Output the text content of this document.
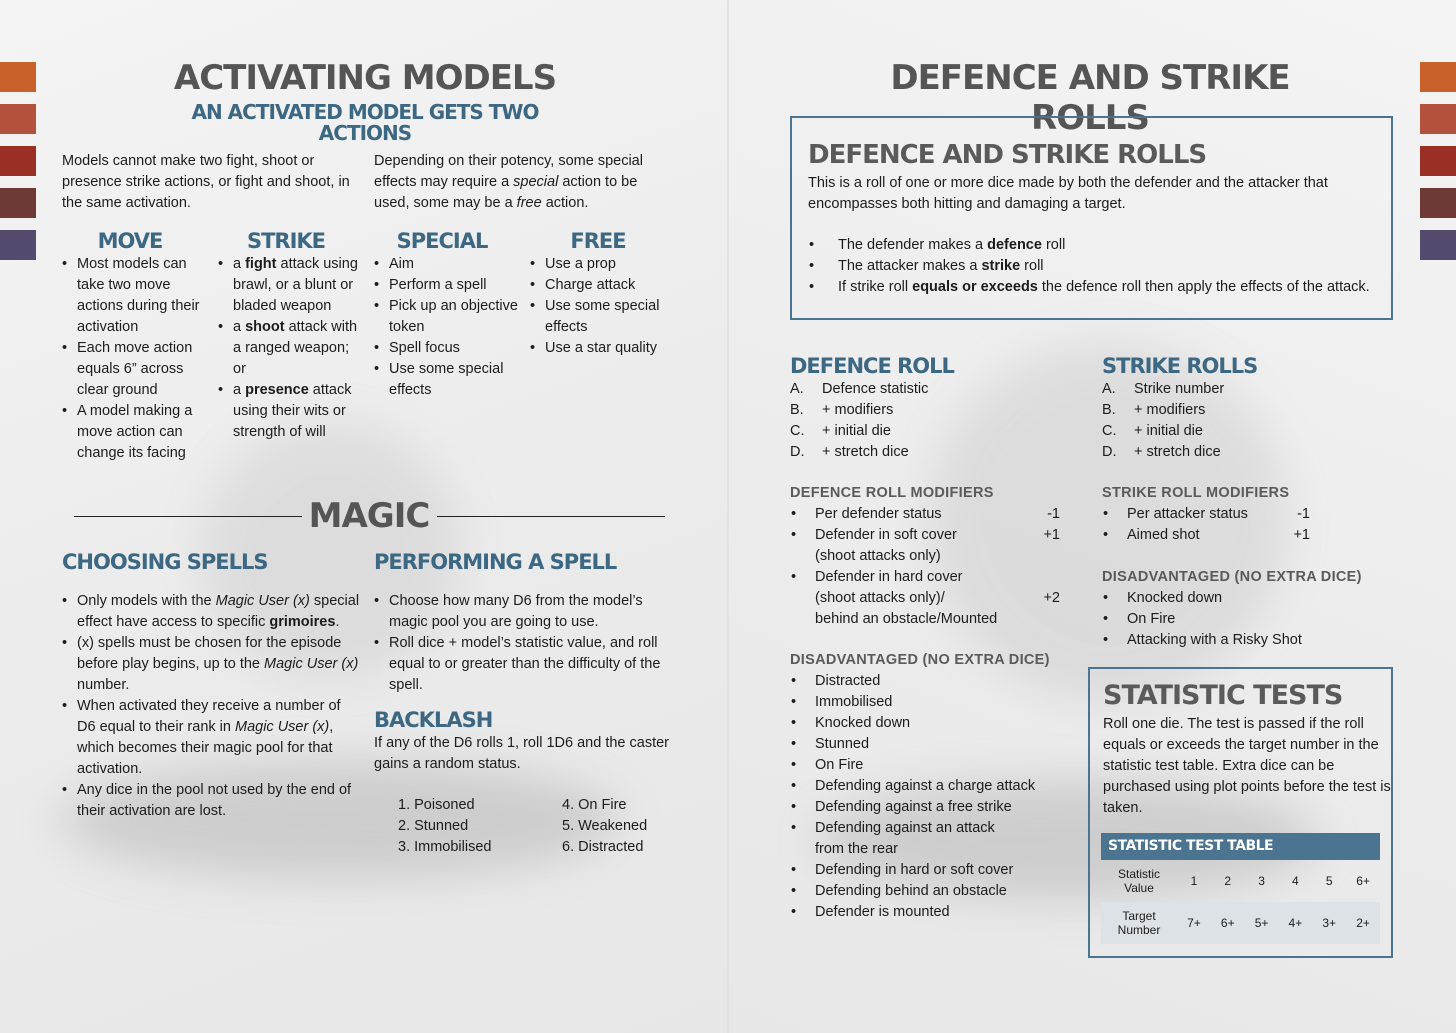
ACTIVATING MODELS
AN ACTIVATED MODEL GETS TWO ACTIONS
Models cannot make two fight, shoot or presence strike actions, or fight and shoot, in the same activation.
Depending on their potency, some special effects may require a special action to be used, some may be a free action.
MOVE
• Most models can take two move actions during their activation
• Each move action equals 6” across clear ground
• A model making a move action can change its facing
STRIKE
• a fight attack using brawl, or a blunt or bladed weapon
• a shoot attack with a ranged weapon; or
• a presence attack using their wits or strength of will
SPECIAL
• Aim
• Perform a spell
• Pick up an objective token
• Spell focus
• Use some special effects
FREE
• Use a prop
• Charge attack
• Use some special effects
• Use a star quality
MAGIC
CHOOSING SPELLS
• Only models with the Magic User (x) special effect have access to specific grimoires.
• (x) spells must be chosen for the episode before play begins, up to the Magic User (x) number.
• When activated they receive a number of D6 equal to their rank in Magic User (x), which becomes their magic pool for that activation.
• Any dice in the pool not used by the end of their activation are lost.
PERFORMING A SPELL
• Choose how many D6 from the model’s magic pool you are going to use.
• Roll dice + model’s statistic value, and roll equal to or greater than the difficulty of the spell.
BACKLASH
If any of the D6 rolls 1, roll 1D6 and the caster gains a random status.
1. Poisoned
2. Stunned
3. Immobilised
4. On Fire
5. Weakened
6. Distracted
DEFENCE AND STRIKE ROLLS
DEFENCE AND STRIKE ROLLS
This is a roll of one or more dice made by both the defender and the attacker that encompasses both hitting and damaging a target.
• The defender makes a defence roll
• The attacker makes a strike roll
• If strike roll equals or exceeds the defence roll then apply the effects of the attack.
DEFENCE ROLL
A. Defence statistic
B. + modifiers
C. + initial die
D. + stretch dice
STRIKE ROLLS
A. Strike number
B. + modifiers
C. + initial die
D. + stretch dice
DEFENCE ROLL MODIFIERS
• Per defender status	-1
• Defender in soft cover	+1

(shoot attacks only)
• Defender in hard cover
(shoot attacks only)/	+2

behind an obstacle/Mounted
STRIKE ROLL MODIFIERS
• Per attacker status	-1
• Aimed shot	+1
DISADVANTAGED (NO EXTRA DICE)
• Knocked down
• On Fire
• Attacking with a Risky Shot
DISADVANTAGED (NO EXTRA DICE)
• Distracted
• Immobilised
• Knocked down
• Stunned
• On Fire
• Defending against a charge attack
• Defending against a free strike
• Defending against an attack from the rear
• Defending in hard or soft cover
• Defending behind an obstacle
• Defender is mounted
STATISTIC TESTS
Roll one die. The test is passed if the roll equals or exceeds the target number in the statistic test table. Extra dice can be purchased using plot points before the test is taken.
STATISTIC TEST TABLE
Statistic Value	1	2	3	4	5	6+
Target Number	7+	6+	5+	4+	3+	2+
